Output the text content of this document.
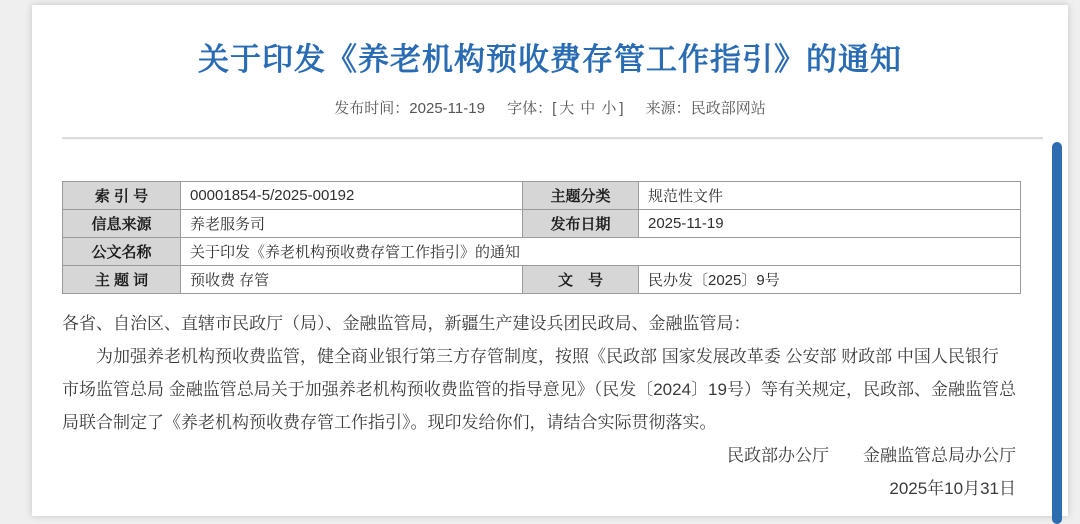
关于印发《养老机构预收费存管工作指引》的通知
发布时间：2025-11-19 字体：[ 大 中 小 ] 来源：民政部网站
索 引 号	00001854-5/2025-00192	主题分类	规范性文件
信息来源	养老服务司	发布日期	2025-11-19
公文名称	关于印发《养老机构预收费存管工作指引》的通知		
主 题 词	预收费 存管	文　号	民办发〔2025〕9号

各省、自治区、直辖市民政厅（局）、金融监管局，新疆生产建设兵团民政局、金融监管局：

为加强养老机构预收费监管，健全商业银行第三方存管制度，按照《民政部 国家发展改革委 公安部 财政部 中国人民银行 市场监管总局 金融监管总局关于加强养老机构预收费监管的指导意见》（民发〔2024〕19号）等有关规定，民政部、金融监管总局联合制定了《养老机构预收费存管工作指引》。现印发给你们，请结合实际贯彻落实。

民政部办公厅　　金融监管总局办公厅

2025年10月31日
